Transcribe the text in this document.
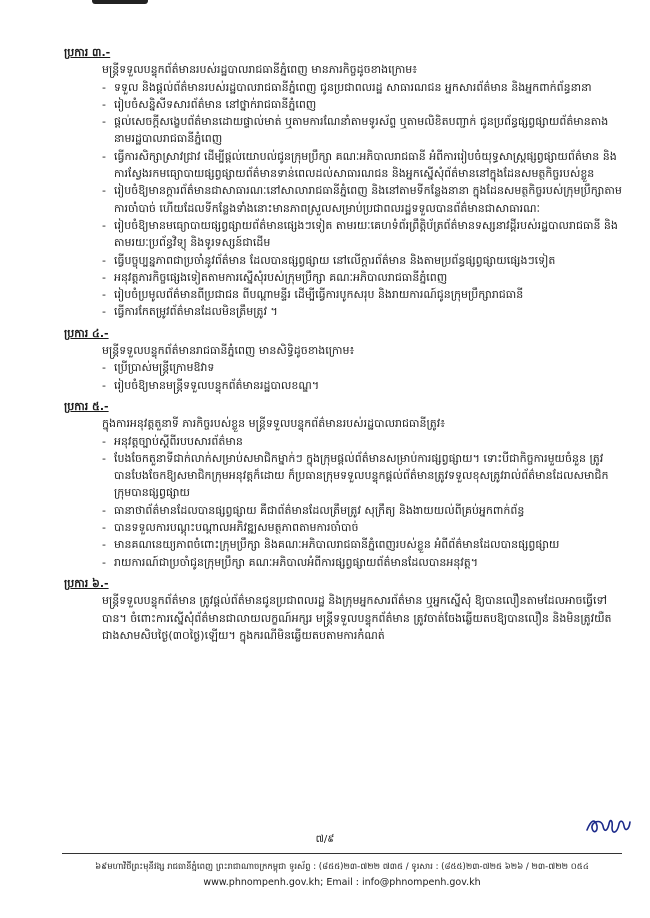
ប្រការ ៣.-
មន្ត្រីទទួលបន្ទុកព័ត៌មានរបស់រដ្ឋបាលរាជធានីភ្នំពេញ មានភារកិច្ចដូចខាងក្រោម៖
- ទទួល និងផ្តល់ព័ត៌មានរបស់រដ្ឋបាលរាជធានីភ្នំពេញ ជូនប្រជាពលរដ្ឋ សាធារណជន អ្នកសារព័ត៌មាន និងអ្នកពាក់ព័ន្ធនានា
- រៀបចំសន្និសីទសារព័ត៌មាន នៅថ្នាក់រាជធានីភ្នំពេញ
- ផ្តល់សេចក្តីសង្ខេបព័ត៌មានដោយផ្ទាល់មាត់ ឬតាមការណែនាំតាមទូរស័ព្ទ ឬតាមលិខិតបញ្ជាក់ ជូនប្រព័ន្ធផ្សព្វផ្សាយព័ត៌មានតាងនាមរដ្ឋបាលរាជធានីភ្នំពេញ
- ធ្វើការសិក្សាស្រាវជ្រាវ ដើម្បីផ្តល់យោបល់ជូនក្រុមប្រឹក្សា គណៈអភិបាលរាជធានី អំពីការរៀបចំយុទ្ធសាស្ត្រផ្សព្វផ្សាយព័ត៌មាន និងការស្វែងរកមធ្យោបាយផ្សព្វផ្សាយព័ត៌មានទាន់ពេលដល់សាធារណជន និងអ្នកស្នើសុំព័ត៌មាននៅក្នុងដែនសមត្ថកិច្ចរបស់ខ្លួន
- រៀបចំឱ្យមានក្តារព័ត៌មានជាសាធារណៈនៅសាលារាជធានីភ្នំពេញ និងនៅតាមទីកន្លែងនានា ក្នុងដែនសមត្ថកិច្ចរបស់ក្រុមប្រឹក្សាតាមការចាំបាច់ ហើយដែលទីកន្លែងទាំងនោះមានភាពស្រួលសម្រាប់ប្រជាពលរដ្ឋទទួលបានព័ត៌មានជាសាធារណៈ
- រៀបចំឱ្យមានមធ្យោបាយផ្សព្វផ្សាយព័ត៌មានផ្សេងៗទៀត តាមរយៈគេហទំព័រព្រឹត្តិប័ត្រព័ត៌មានទស្សនាវដ្តីរបស់រដ្ឋបាលរាជធានី និងតាមរយៈប្រព័ន្ធវិទ្យុ និងទូរទស្សន៍ជាដើម
- ធ្វើបច្ចុប្បន្នភាពជាប្រចាំនូវព័ត៌មាន ដែលបានផ្សព្វផ្សាយ នៅលើក្តារព័ត៌មាន និងតាមប្រព័ន្ធផ្សព្វផ្សាយផ្សេងៗទៀត
- អនុវត្តភារកិច្ចផ្សេងទៀតតាមការស្នើសុំរបស់ក្រុមប្រឹក្សា គណៈអភិបាលរាជធានីភ្នំពេញ
- រៀបចំប្រមូលព័ត៌មានពីប្រជាជន ពីបណ្ដាមន្ទីរ ដើម្បីធ្វើការបូកសរុប និងរាយការណ៍ជូនក្រុមប្រឹក្សារាជធានី
- ធ្វើការកែតម្រូវព័ត៌មានដែលមិនត្រឹមត្រូវ ។
ប្រការ ៤.-
មន្ត្រីទទួលបន្ទុកព័ត៌មានរាជធានីភ្នំពេញ មានសិទ្ធិដូចខាងក្រោម៖
- ប្រើប្រាស់មន្ត្រីក្រោមឱវាទ
- រៀបចំឱ្យមានមន្ត្រីទទួលបន្ទុកព័ត៌មានរដ្ឋបាលខណ្ឌ។
ប្រការ ៥.-
ក្នុងការអនុវត្តតួនាទី ភារកិច្ចរបស់ខ្លួន មន្ត្រីទទួលបន្ទុកព័ត៌មានរបស់រដ្ឋបាលរាជធានីត្រូវ៖
- អនុវត្តច្បាប់ស្តីពីរបបសារព័ត៌មាន
- បែងចែកតួនាទីជាក់លាក់សម្រាប់សមាជិកម្នាក់ៗ ក្នុងក្រុមផ្តល់ព័ត៌មានសម្រាប់ការផ្សព្វផ្សាយ។ ទោះបីជាកិច្ចការមួយចំនួន ត្រូវបានបែងចែកឱ្យសមាជិកក្រុមអនុវត្តក៏ដោយ ក៏ប្រធានក្រុមទទួលបន្ទុកផ្តល់ព័ត៌មានត្រូវទទួលខុសត្រូវរាល់ព័ត៌មានដែលសមាជិកក្រុមបានផ្សព្វផ្សាយ
- ធានាថាព័ត៌មានដែលបានផ្សព្វផ្សាយ គឺជាព័ត៌មានដែលត្រឹមត្រូវ សុក្រឹត្យ និងងាយយល់ពីគ្រប់អ្នកពាក់ព័ន្ធ
- បានទទួលការបណ្តុះបណ្តាលអភិវឌ្ឍសមត្ថភាពតាមការចាំបាច់
- មានគណនេយ្យភាពចំពោះក្រុមប្រឹក្សា និងគណៈអភិបាលរាជធានីភ្នំពេញរបស់ខ្លួន អំពីព័ត៌មានដែលបានផ្សព្វផ្សាយ
- រាយការណ៍ជាប្រចាំជូនក្រុមប្រឹក្សា គណៈអភិបាលអំពីការផ្សព្វផ្សាយព័ត៌មានដែលបានអនុវត្ត។
ប្រការ ៦.-
មន្ត្រីទទួលបន្ទុកព័ត៌មាន ត្រូវផ្តល់ព័ត៌មានជូនប្រជាពលរដ្ឋ និងក្រុមអ្នកសារព័ត៌មាន ឬអ្នកស្នើសុំ ឱ្យបានលឿនតាមដែលអាចធ្វើទៅបាន។ ចំពោះការស្នើសុំព័ត៌មានជាលាយលក្ខណ៍អក្សរ មន្ត្រីទទួលបន្ទុកព័ត៌មាន ត្រូវចាត់ចែងឆ្លើយតបឱ្យបានលឿន និងមិនត្រូវយឺតជាងសាមសិបថ្ងៃ(៣០ថ្ងៃ)ឡើយ។ ក្នុងករណីមិនឆ្លើយតបតាមការកំណត់
៧/៩
៦៩មហាវិថីព្រះមុនីវង្ស រាជធានីភ្នំពេញ ព្រះរាជាណាចក្រកម្ពុជា ទូរស័ព្ទ : (៨៥៥)២៣-៧២២ ៧៣៥ / ទូរសារ : (៨៥៥)២៣-៧២៥ ៦២៦ / ២៣-៧២២ ០៥៤
www.phnompenh.gov.kh; Email : info@phnompenh.gov.kh
